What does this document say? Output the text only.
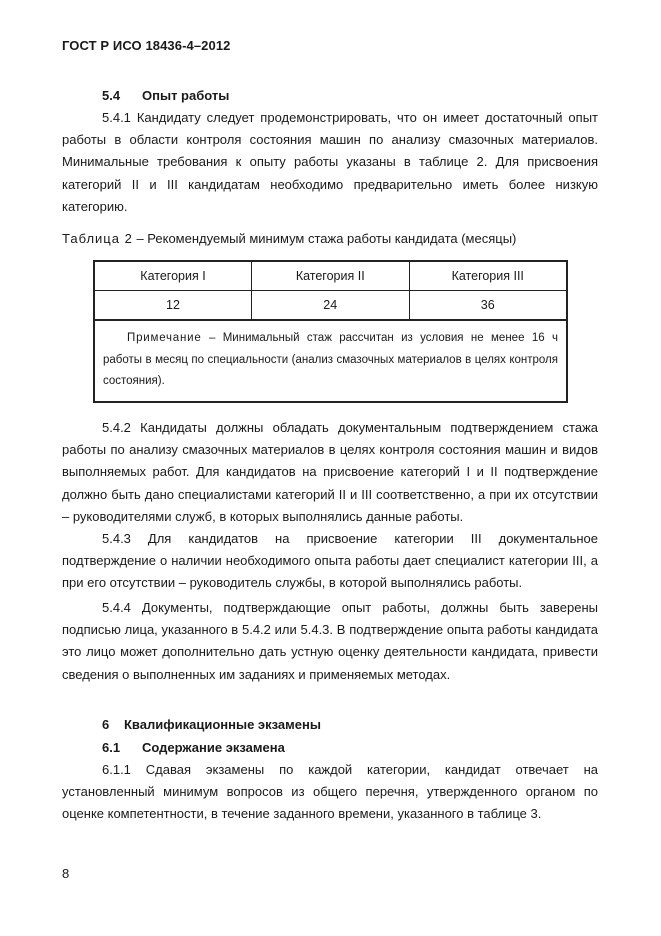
ГОСТ Р ИСО 18436-4–2012
5.4 Опыт работы

5.4.1 Кандидату следует продемонстрировать, что он имеет достаточный опыт работы в области контроля состояния машин по анализу смазочных материалов. Минимальные требования к опыту работы указаны в таблице 2. Для присвоения категорий II и III кандидатам необходимо предварительно иметь более низкую категорию.

Таблица 2 – Рекомендуемый минимум стажа работы кандидата (месяцы)
Категория I	Категория II	Категория III
12	24	36
Примечание – Минимальный стаж рассчитан из условия не менее 16 ч работы в месяц по специальности (анализ смазочных материалов в целях контроля состояния).		

5.4.2 Кандидаты должны обладать документальным подтверждением стажа работы по анализу смазочных материалов в целях контроля состояния машин и видов выполняемых работ. Для кандидатов на присвоение категорий I и II подтверждение должно быть дано специалистами категорий II и III соответственно, а при их отсутствии – руководителями служб, в которых выполнялись данные работы.

5.4.3 Для кандидатов на присвоение категории III документальное подтверждение о наличии необходимого опыта работы дает специалист категории III, а при его отсутствии – руководитель службы, в которой выполнялись работы.

5.4.4 Документы, подтверждающие опыт работы, должны быть заверены подписью лица, указанного в 5.4.2 или 5.4.3. В подтверждение опыта работы кандидата это лицо может дополнительно дать устную оценку деятельности кандидата, привести сведения о выполненных им заданиях и применяемых методах.

6 Квалификационные экзамены
6.1 Содержание экзамена

6.1.1 Сдавая экзамены по каждой категории, кандидат отвечает на установленный минимум вопросов из общего перечня, утвержденного органом по оценке компетентности, в течение заданного времени, указанного в таблице 3.

8
